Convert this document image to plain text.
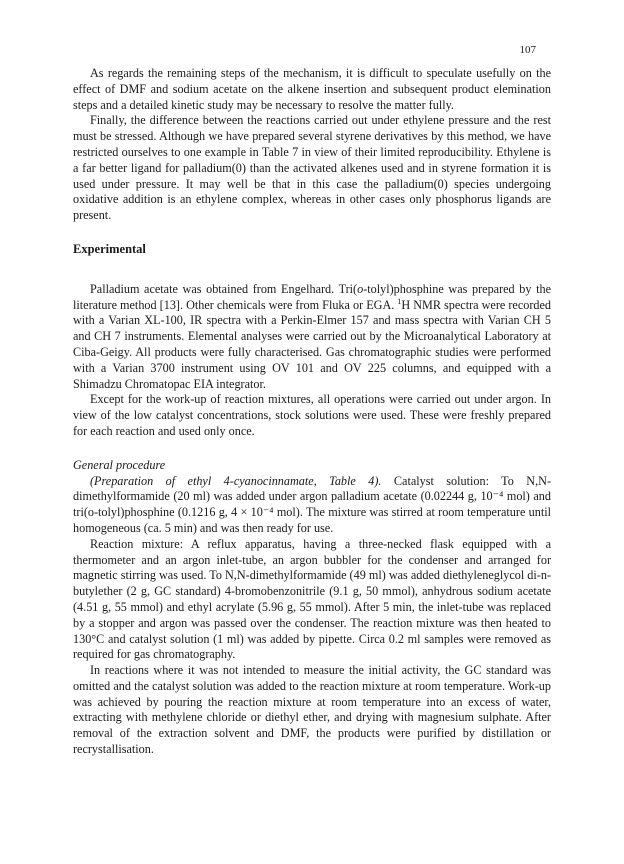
107

As regards the remaining steps of the mechanism, it is difficult to speculate usefully on the effect of DMF and sodium acetate on the alkene insertion and subsequent product elemination steps and a detailed kinetic study may be necessary to resolve the matter fully.

Finally, the difference between the reactions carried out under ethylene pressure and the rest must be stressed. Although we have prepared several styrene derivatives by this method, we have restricted ourselves to one example in Table 7 in view of their limited reproducibility. Ethylene is a far better ligand for palladium(0) than the activated alkenes used and in styrene formation it is used under pressure. It may well be that in this case the palladium(0) species undergoing oxidative addition is an ethylene complex, whereas in other cases only phosphorus ligands are present.

Experimental

Palladium acetate was obtained from Engelhard. Tri(o-tolyl)phosphine was prepared by the literature method [13]. Other chemicals were from Fluka or EGA. $^1$H NMR spectra were recorded with a Varian XL-100, IR spectra with a Perkin-Elmer 157 and mass spectra with Varian CH 5 and CH 7 instruments. Elemental analyses were carried out by the Microanalytical Laboratory at Ciba-Geigy. All products were fully characterised. Gas chromatographic studies were performed with a Varian 3700 instrument using OV 101 and OV 225 columns, and equipped with a Shimadzu Chromatopac EIA integrator.

Except for the work-up of reaction mixtures, all operations were carried out under argon. In view of the low catalyst concentrations, stock solutions were used. These were freshly prepared for each reaction and used only once.

General procedure

(Preparation of ethyl 4-cyanocinnamate, Table 4). Catalyst solution: To N,N-dimethylformamide (20 ml) was added under argon palladium acetate (0.02244 g, 10⁻⁴ mol) and tri(o-tolyl)phosphine (0.1216 g, 4 × 10⁻⁴ mol). The mixture was stirred at room temperature until homogeneous (ca. 5 min) and was then ready for use.

Reaction mixture: A reflux apparatus, having a three-necked flask equipped with a thermometer and an argon inlet-tube, an argon bubbler for the condenser and arranged for magnetic stirring was used. To N,N-dimethylformamide (49 ml) was added diethyleneglycol di-n-butylether (2 g, GC standard) 4-bromobenzonitrile (9.1 g, 50 mmol), anhydrous sodium acetate (4.51 g, 55 mmol) and ethyl acrylate (5.96 g, 55 mmol). After 5 min, the inlet-tube was replaced by a stopper and argon was passed over the condenser. The reaction mixture was then heated to 130°C and catalyst solution (1 ml) was added by pipette. Circa 0.2 ml samples were removed as required for gas chromatography.

In reactions where it was not intended to measure the initial activity, the GC standard was omitted and the catalyst solution was added to the reaction mixture at room temperature. Work-up was achieved by pouring the reaction mixture at room temperature into an excess of water, extracting with methylene chloride or diethyl ether, and drying with magnesium sulphate. After removal of the extraction solvent and DMF, the products were purified by distillation or recrystallisation.
